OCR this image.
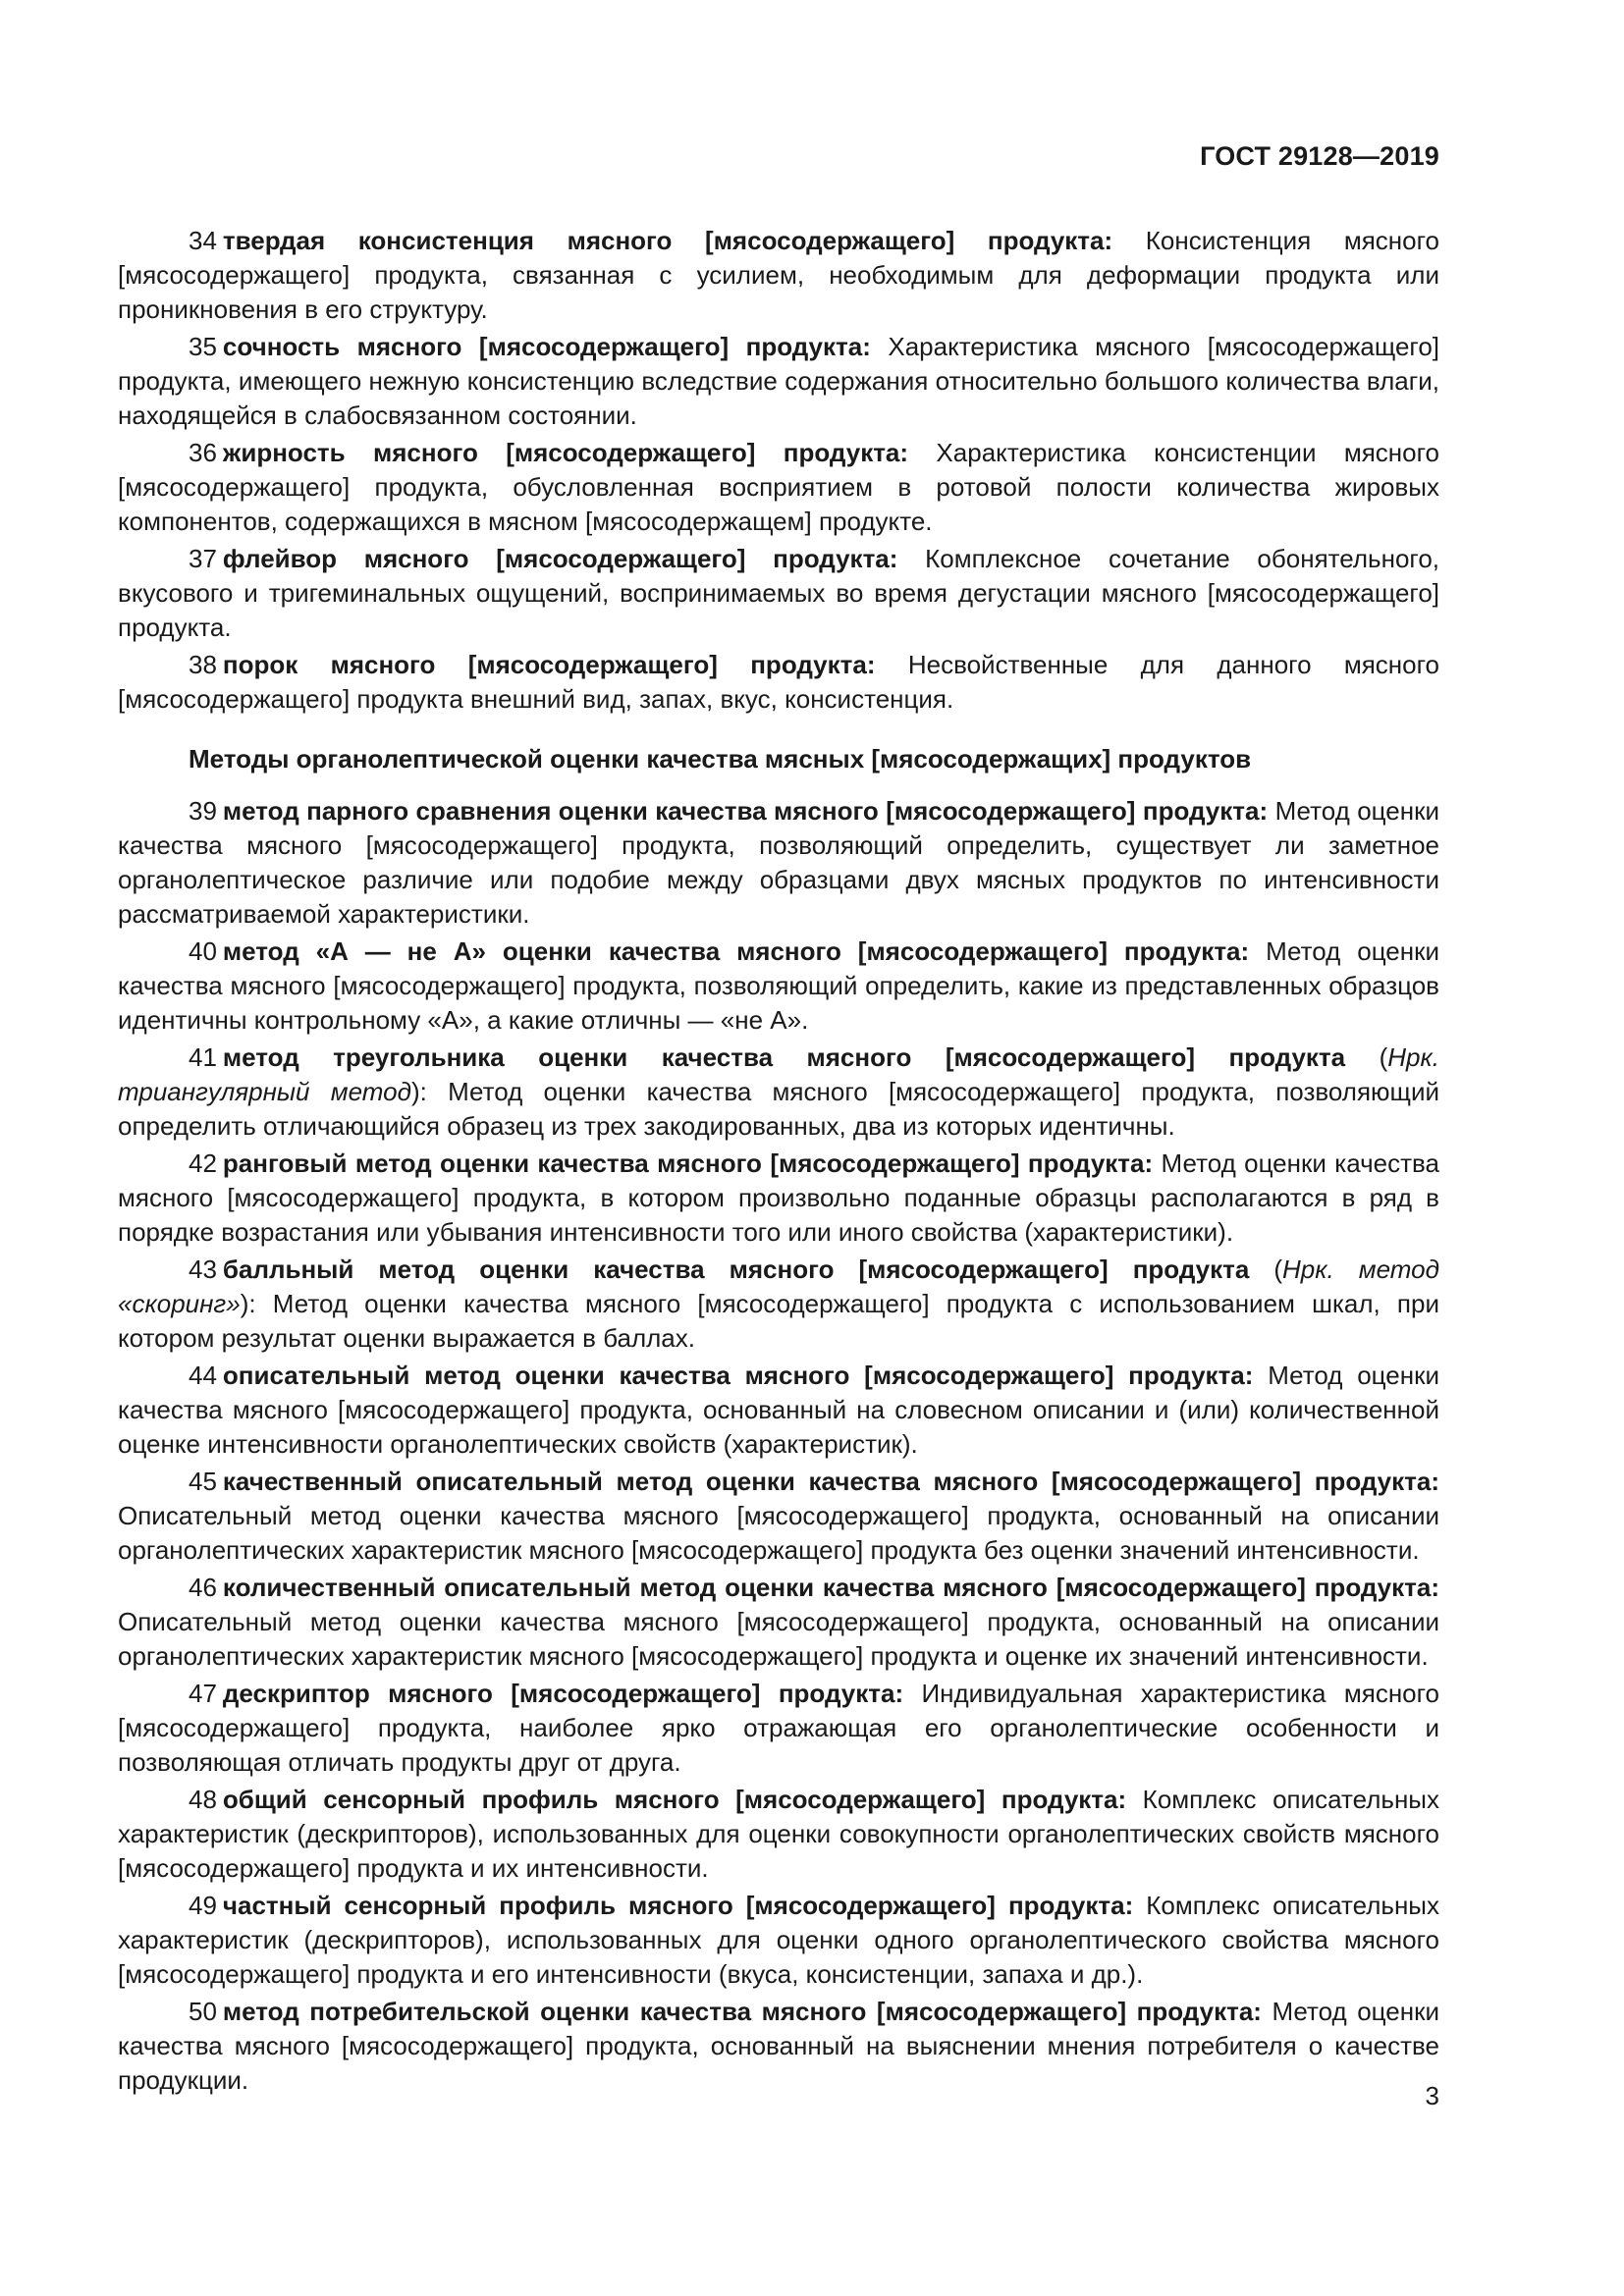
ГОСТ 29128—2019

34 твердая консистенция мясного [мясосодержащего] продукта: Консистенция мясного [мясосодержащего] продукта, связанная с усилием, необходимым для деформации продукта или проникновения в его структуру.

35 сочность мясного [мясосодержащего] продукта: Характеристика мясного [мясосодержащего] продукта, имеющего нежную консистенцию вследствие содержания относительно большого количества влаги, находящейся в слабосвязанном состоянии.

36 жирность мясного [мясосодержащего] продукта: Характеристика консистенции мясного [мясосодержащего] продукта, обусловленная восприятием в ротовой полости количества жировых компонентов, содержащихся в мясном [мясосодержащем] продукте.

37 флейвор мясного [мясосодержащего] продукта: Комплексное сочетание обонятельного, вкусового и тригеминальных ощущений, воспринимаемых во время дегустации мясного [мясосодержащего] продукта.

38 порок мясного [мясосодержащего] продукта: Несвойственные для данного мясного [мясосодержащего] продукта внешний вид, запах, вкус, консистенция.

Методы органолептической оценки качества мясных [мясосодержащих] продуктов

39 метод парного сравнения оценки качества мясного [мясосодержащего] продукта: Метод оценки качества мясного [мясосодержащего] продукта, позволяющий определить, существует ли заметное органолептическое различие или подобие между образцами двух мясных продуктов по интенсивности рассматриваемой характеристики.

40 метод «А — не А» оценки качества мясного [мясосодержащего] продукта: Метод оценки качества мясного [мясосодержащего] продукта, позволяющий определить, какие из представленных образцов идентичны контрольному «А», а какие отличны — «не А».

41 метод треугольника оценки качества мясного [мясосодержащего] продукта (Нрк. триангулярный метод): Метод оценки качества мясного [мясосодержащего] продукта, позволяющий определить отличающийся образец из трех закодированных, два из которых идентичны.

42 ранговый метод оценки качества мясного [мясосодержащего] продукта: Метод оценки качества мясного [мясосодержащего] продукта, в котором произвольно поданные образцы располагаются в ряд в порядке возрастания или убывания интенсивности того или иного свойства (характеристики).

43 балльный метод оценки качества мясного [мясосодержащего] продукта (Нрк. метод «скоринг»): Метод оценки качества мясного [мясосодержащего] продукта с использованием шкал, при котором результат оценки выражается в баллах.

44 описательный метод оценки качества мясного [мясосодержащего] продукта: Метод оценки качества мясного [мясосодержащего] продукта, основанный на словесном описании и (или) количественной оценке интенсивности органолептических свойств (характеристик).

45 качественный описательный метод оценки качества мясного [мясосодержащего] продукта: Описательный метод оценки качества мясного [мясосодержащего] продукта, основанный на описании органолептических характеристик мясного [мясосодержащего] продукта без оценки значений интенсивности.

46 количественный описательный метод оценки качества мясного [мясосодержащего] продукта: Описательный метод оценки качества мясного [мясосодержащего] продукта, основанный на описании органолептических характеристик мясного [мясосодержащего] продукта и оценке их значений интенсивности.

47 дескриптор мясного [мясосодержащего] продукта: Индивидуальная характеристика мясного [мясосодержащего] продукта, наиболее ярко отражающая его органолептические особенности и позволяющая отличать продукты друг от друга.

48 общий сенсорный профиль мясного [мясосодержащего] продукта: Комплекс описательных характеристик (дескрипторов), использованных для оценки совокупности органолептических свойств мясного [мясосодержащего] продукта и их интенсивности.

49 частный сенсорный профиль мясного [мясосодержащего] продукта: Комплекс описательных характеристик (дескрипторов), использованных для оценки одного органолептического свойства мясного [мясосодержащего] продукта и его интенсивности (вкуса, консистенции, запаха и др.).

50 метод потребительской оценки качества мясного [мясосодержащего] продукта: Метод оценки качества мясного [мясосодержащего] продукта, основанный на выяснении мнения потребителя о качестве продукции.

3
